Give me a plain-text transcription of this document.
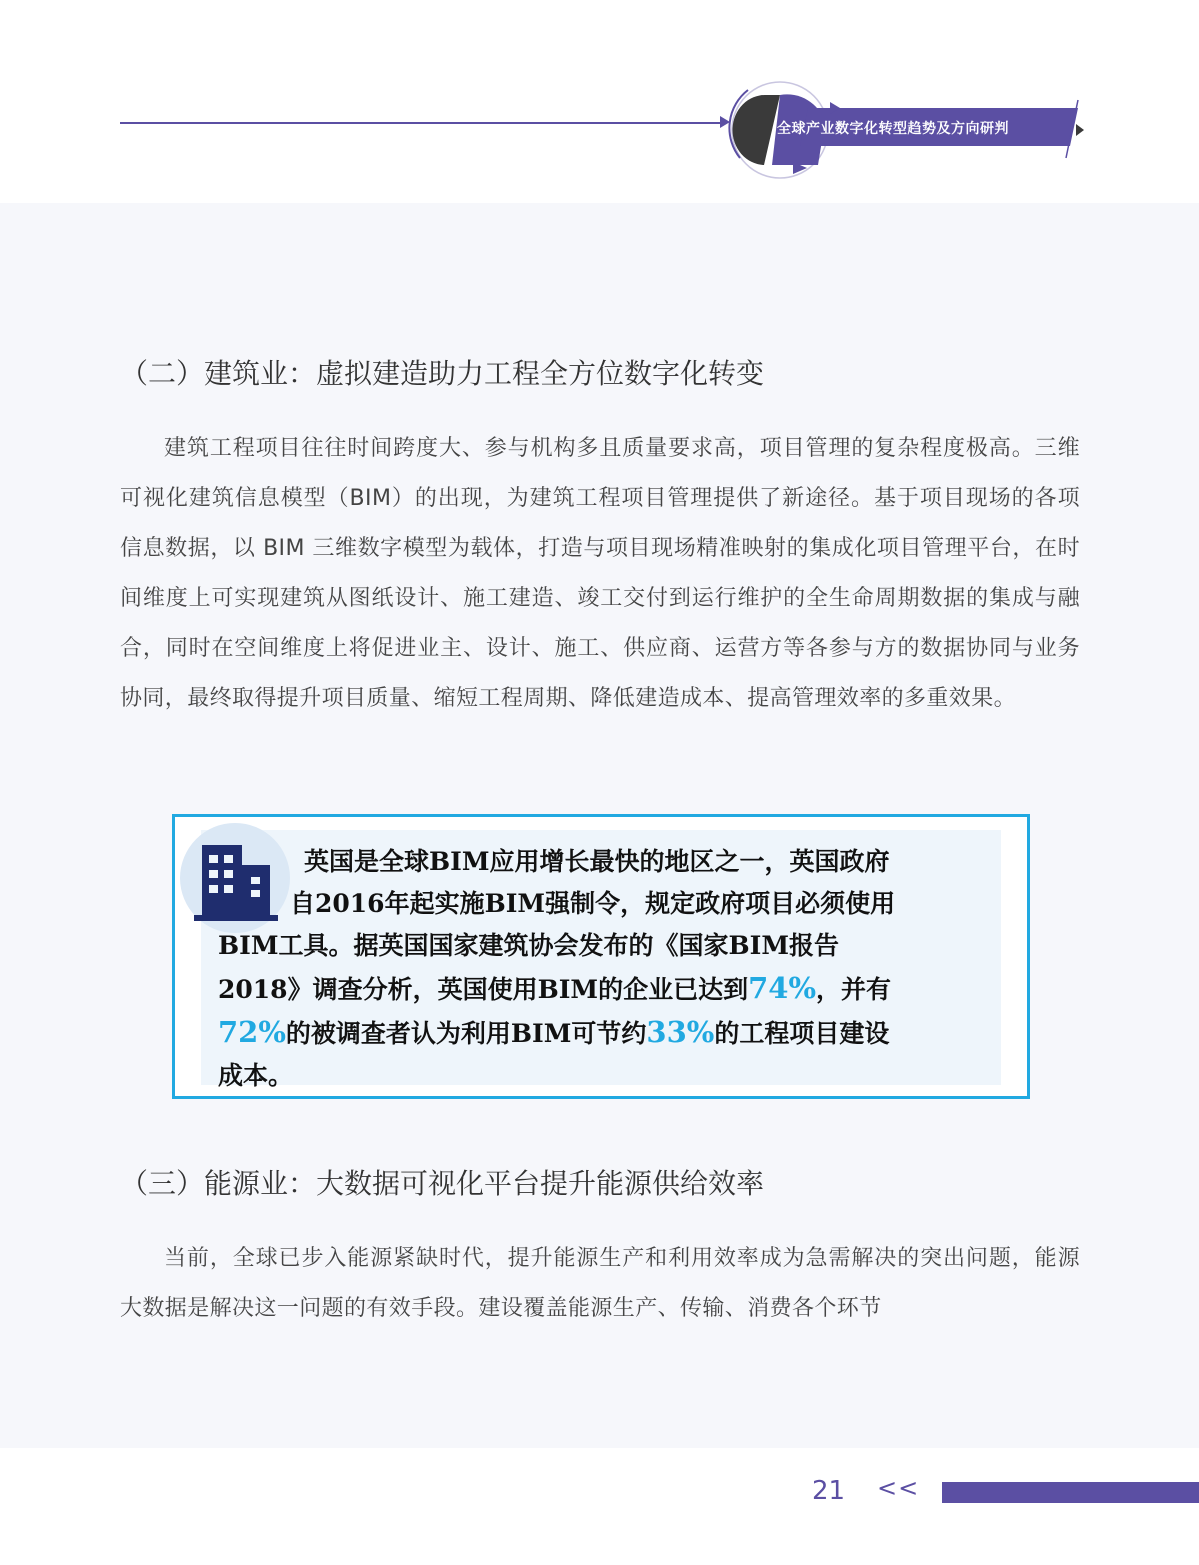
全球产业数字化转型趋势及方向研判
（二）建筑业：虚拟建造助力工程全方位数字化转变

建筑工程项目往往时间跨度大、参与机构多且质量要求高，项目管理的复杂程度极高。三维可视化建筑信息模型（BIM）的出现，为建筑工程项目管理提供了新途径。基于项目现场的各项信息数据，以 BIM 三维数字模型为载体，打造与项目现场精准映射的集成化项目管理平台，在时间维度上可实现建筑从图纸设计、施工建造、竣工交付到运行维护的全生命周期数据的集成与融合，同时在空间维度上将促进业主、设计、施工、供应商、运营方等各参与方的数据协同与业务协同，最终取得提升项目质量、缩短工程周期、降低建造成本、提高管理效率的多重效果。

英国是全球BIM应用增长最快的地区之一，英国政府
自2016年起实施BIM强制令，规定政府项目必须使用
BIM工具。据英国国家建筑协会发布的《国家BIM报告
2018》调查分析，英国使用BIM的企业已达到74%，并有
72%的被调查者认为利用BIM可节约33%的工程项目建设
成本。

（三）能源业：大数据可视化平台提升能源供给效率

当前，全球已步入能源紧缺时代，提升能源生产和利用效率成为急需解决的突出问题，能源大数据是解决这一问题的有效手段。建设覆盖能源生产、传输、消费各个环节

21 <<
